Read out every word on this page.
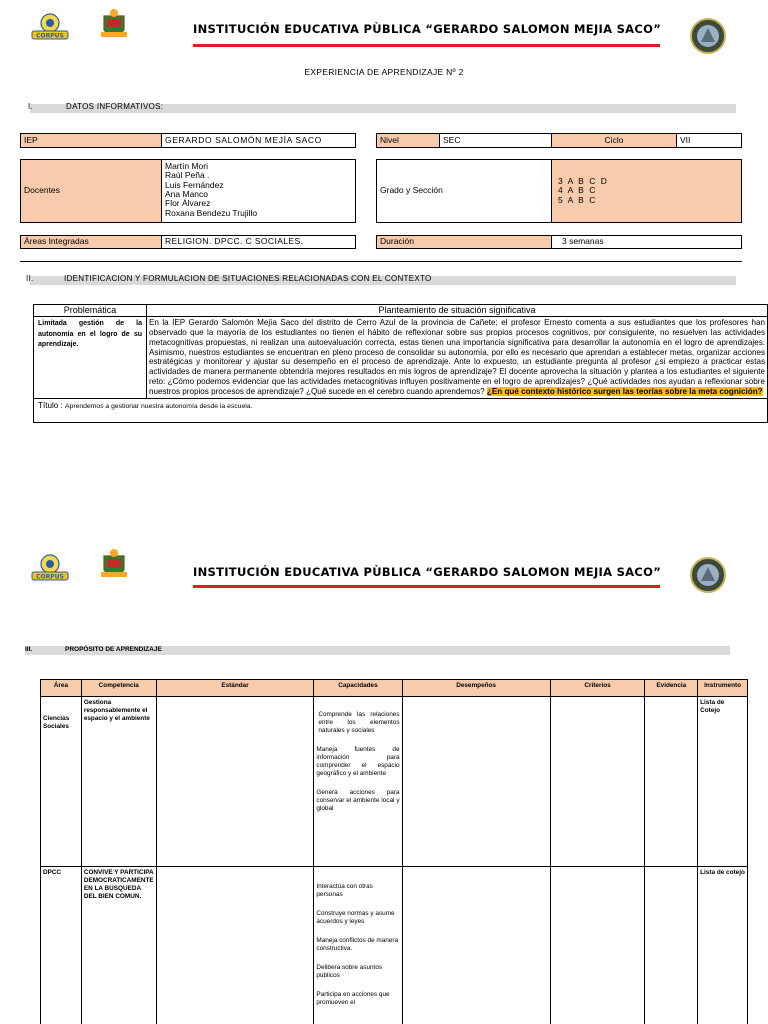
CORPUS	INSTITUCIÓN EDUCATIVA PÙBLICA “GERARDO SALOMON MEJIA SACO”
EXPERIENCIA DE APRENDIZAJE Nº 2
I.	DATOS INFORMATIVOS:
IEP	GERARDO SALOMÓN MEJÍA SACO	Nivel	SEC	Ciclo	VII
Docentes	
Martín Mori
Raúl Peña .
Luis Fernández
Ana Manco
Flor Álvarez
Roxana Bendezu Trujillo
Grado y Sección	
3 A B C D
4 A B C
5 A B C
Áreas Integradas	RELIGION. DPCC. C SOCIALES.	Duración	3 semanas
II.	IDENTIFICACION Y FORMULACION DE SITUACIONES RELACIONADAS CON EL CONTEXTO
Problemática	Planteamiento de situación significativa
Limitada gestión de la autonomía en el logro de su aprendizaje.	En la IEP Gerardo Salomón Mejía Saco del distrito de Cerro Azul de la provincia de Cañete; el profesor Ernesto comenta a sus estudiantes que los profesores han observado que la mayoría de los estudiantes no tienen el hábito de reflexionar sobre sus propios procesos cognitivos, por consiguiente, no resuelven las actividades metacognitivas propuestas, ni realizan una autoevaluación correcta, estas tienen una importancia significativa para desarrollar la autonomía en el logro de aprendizajes. Asimismo, nuestros estudiantes se encuentran en pleno proceso de consolidar su autonomía, por ello es necesario que aprendan a establecer metas, organizar acciones estratégicas y monitorear y ajustar su desempeño en el proceso de aprendizaje. Ante lo expuesto, un estudiante pregunta al profesor ¿si empiezo a practicar estas actividades de manera permanente obtendría mejores resultados en mis logros de aprendizaje? El docente aprovecha la situación y plantea a los estudiantes el siguiente reto: ¿Cómo podemos evidenciar que las actividades metacognitivas influyen positivamente en el logro de aprendizajes? ¿Qué actividades nos ayudan a reflexionar sobre nuestros propios procesos de aprendizaje? ¿Qué sucede en el cerebro cuando aprendemos? ¿En qué contexto histórico surgen las teorías sobre la meta cognición?
Título : Aprendemos a gestionar nuestra autonomía desde la escuela.	
CORPUS	INSTITUCIÓN EDUCATIVA PÙBLICA “GERARDO SALOMON MEJIA SACO”
III.	PROPÓSITO DE APRENDIZAJE
Área	Competencia	Estándar	Capacidades	Desempeños	Criterios	Evidencia	Instrumento
Ciencias Sociales	Gestiona responsablemente el espacio y el ambiente		Comprende las relaciones entre los elementos naturales y sociales

Maneja fuentes de información para comprender el espacio geográfico y el ambiente

Genera acciones para conservar el ambiente local y global				Lista de Cotejo
DPCC	CONVIVE Y PARTICIPA DEMOCRATICAMENTE EN LA BUSQUEDA DEL BIEN COMUN.		Interactúa con otras personas

Construye normas y asume acuerdos y leyes

Maneja conflictos de manera constructiva.

Delibera sobre asuntos públicos

Participa en acciones que promueven el				Lista de cotejo
